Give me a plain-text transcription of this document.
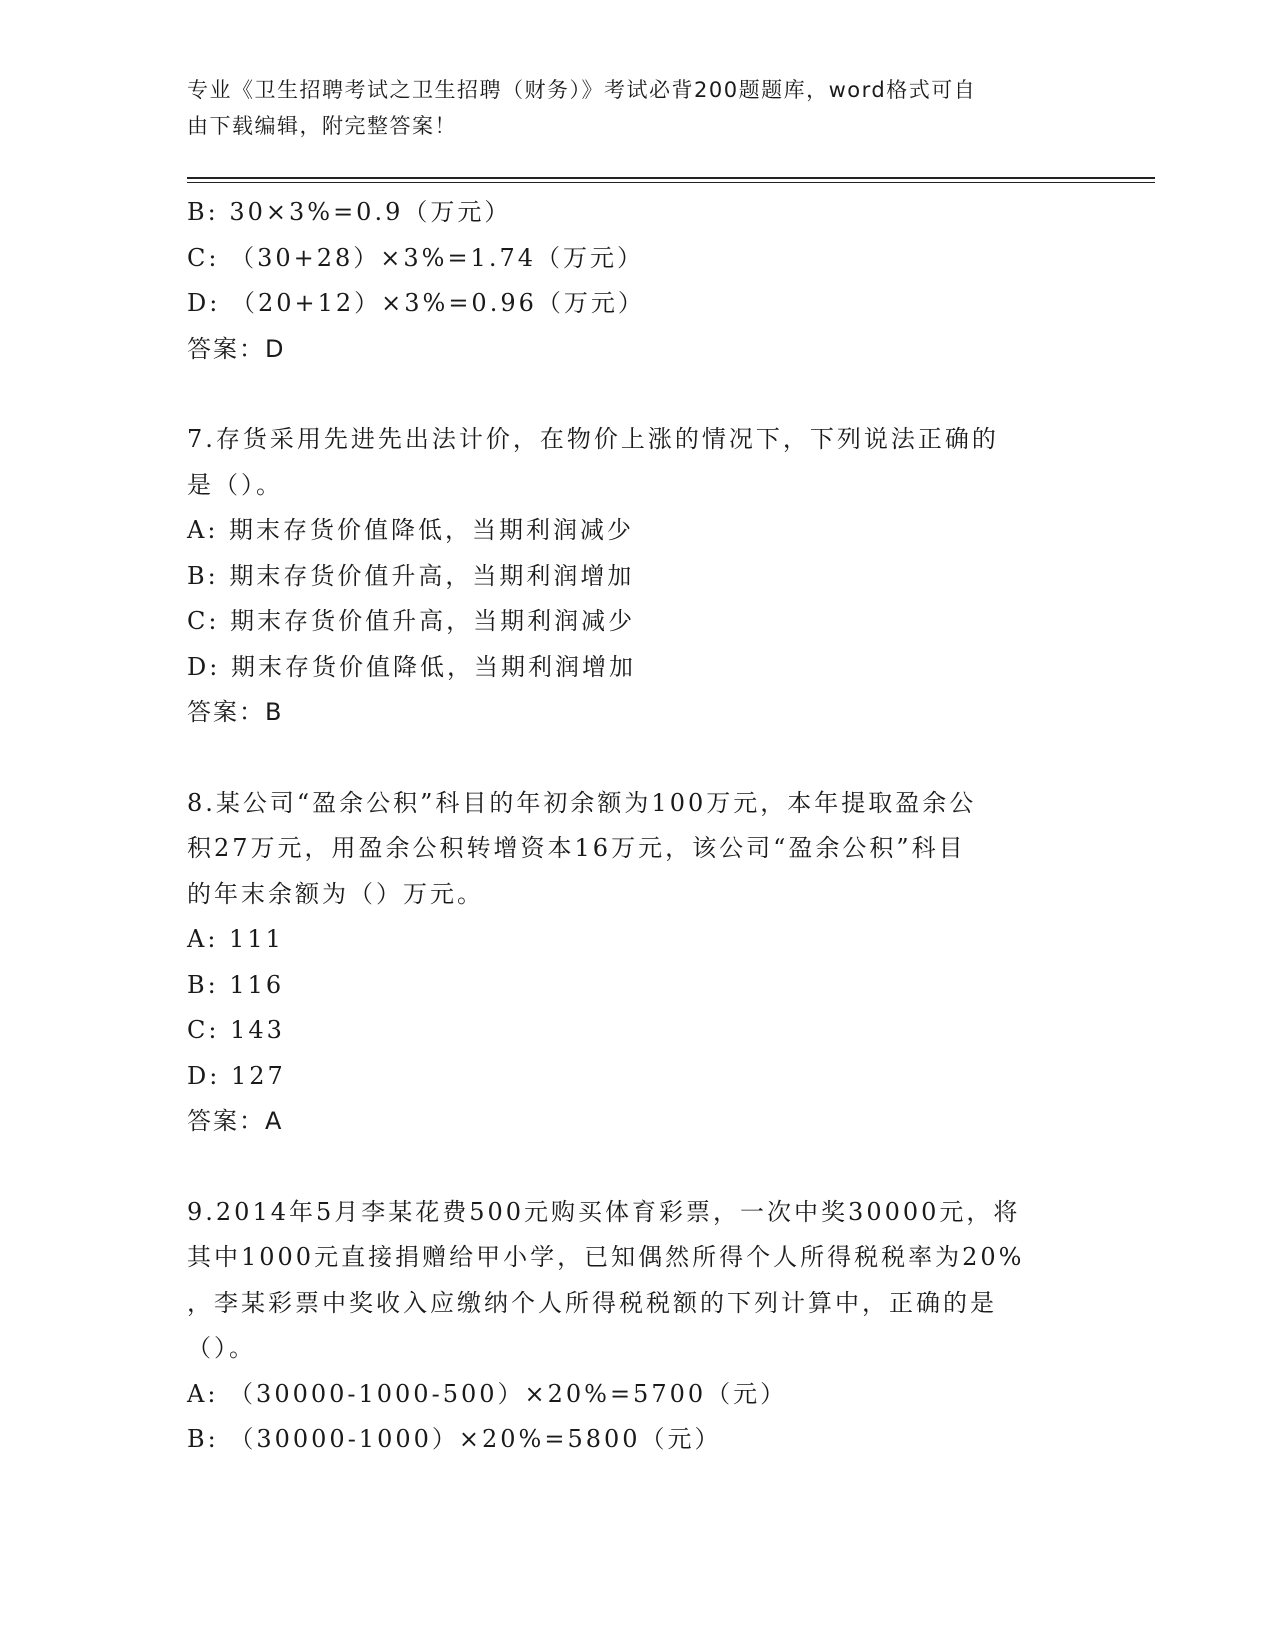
专业《卫生招聘考试之卫生招聘（财务）》考试必背200题题库，word格式可自
由下载编辑，附完整答案！
B: 30×3%=0.9（万元）
C: （30+28）×3%=1.74（万元）
D: （20+12）×3%=0.96（万元）
答案：D
7.存货采用先进先出法计价，在物价上涨的情况下，下列说法正确的
是（）。
A: 期末存货价值降低，当期利润减少
B: 期末存货价值升高，当期利润增加
C: 期末存货价值升高，当期利润减少
D: 期末存货价值降低，当期利润增加
答案：B
8.某公司“盈余公积”科目的年初余额为100万元，本年提取盈余公
积27万元，用盈余公积转增资本16万元，该公司“盈余公积”科目
的年末余额为（）万元。
A: 111
B: 116
C: 143
D: 127
答案：A
9.2014年5月李某花费500元购买体育彩票，一次中奖30000元，将
其中1000元直接捐赠给甲小学，已知偶然所得个人所得税税率为20%
，李某彩票中奖收入应缴纳个人所得税税额的下列计算中，正确的是
（）。
A: （30000-1000-500）×20%=5700（元）
B: （30000-1000）×20%=5800（元）
